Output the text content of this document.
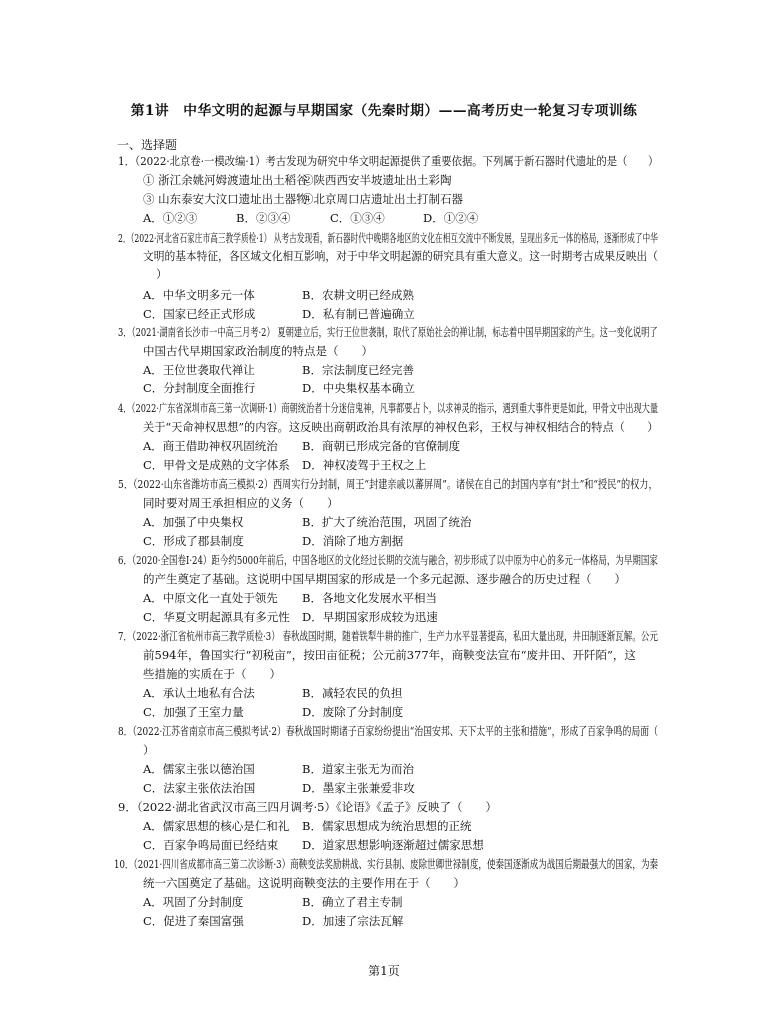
第1讲　中华文明的起源与早期国家（先秦时期）——高考历史一轮复习专项训练
一、选择题
1．（2022·北京卷·一模改编·1）考古发现为研究中华文明起源提供了重要依据。下列属于新石器时代遗址的是（　　）
① 浙江余姚河姆渡遗址出土稻谷
②陕西西安半坡遗址出土彩陶
③ 山东泰安大汶口遗址出土器物
④北京周口店遗址出土打制石器
A．①②③	B．②③④	C．①③④	D．①②④
2．（2022·河北省石家庄市高三教学质检·1） 从考古发现看，新石器时代中晚期各地区的文化在相互交流中不断发展，呈现出多元一体的格局，逐渐形成了中华
文明的基本特征，各区域文化相互影响，对于中华文明起源的研究具有重大意义。这一时期考古成果反映出（
）
A．中华文明多元一体	B．农耕文明已经成熟
C．国家已经正式形成	D．私有制已普遍确立
3．（2021·湖南省长沙市一中高三月考·2） 夏朝建立后，实行王位世袭制，取代了原始社会的禅让制，标志着中国早期国家的产生。这一变化说明了
中国古代早期国家政治制度的特点是（　　）
A．王位世袭取代禅让	B．宗法制度已经完善
C．分封制度全面推行	D．中央集权基本确立
4．（2022·广东省深圳市高三第一次调研·1）商朝统治者十分迷信鬼神，凡事都要占卜，以求神灵的指示，遇到重大事件更是如此，甲骨文中出现大量
关于“天命神权思想”的内容。这反映出商朝政治具有浓厚的神权色彩，王权与神权相结合的特点（　　）
A．商王借助神权巩固统治 B．商朝已形成完备的官僚制度
C．甲骨文是成熟的文字体系 D．神权凌驾于王权之上
5．（2022·山东省潍坊市高三模拟·2）西周实行分封制，周王“封建亲戚以蕃屏周”。诸侯在自己的封国内享有“封土”和“授民”的权力，
同时要对周王承担相应的义务（　　）
A．加强了中央集权	B．扩大了统治范围，巩固了统治
C．形成了郡县制度	D．消除了地方割据
6．（2020·全国卷Ⅰ·24）距今约5000年前后，中国各地区的文化经过长期的交流与融合，初步形成了以中原为中心的多元一体格局，为早期国家
的产生奠定了基础。这说明中国早期国家的形成是一个多元起源、逐步融合的历史过程（　　）
A．中原文化一直处于领先 B．各地文化发展水平相当
C．华夏文明起源具有多元性 D．早期国家形成较为迅速
7．（2022·浙江省杭州市高三教学质检·3） 春秋战国时期，随着铁犁牛耕的推广，生产力水平显著提高，私田大量出现，井田制逐渐瓦解。公元
前594年，鲁国实行“初税亩”，按田亩征税；公元前377年，商鞅变法宣布“废井田、开阡陌”，这
些措施的实质在于（　　）
A．承认土地私有合法	B．减轻农民的负担
C．加强了王室力量	D．废除了分封制度
8．（2022·江苏省南京市高三模拟考试·2）春秋战国时期诸子百家纷纷提出“治国安邦、天下太平的主张和措施”，形成了百家争鸣的局面（
）
A．儒家主张以德治国	B．道家主张无为而治
C．法家主张依法治国	D．墨家主张兼爱非攻
9．（2022·湖北省武汉市高三四月调考·5）《论语》《孟子》反映了（　　）
A．儒家思想的核心是仁和礼 B．儒家思想成为统治思想的正统
C．百家争鸣局面已经结束 D．道家思想影响逐渐超过儒家思想
10．（2021·四川省成都市高三第二次诊断·3）商鞅变法奖励耕战、实行县制、废除世卿世禄制度，使秦国逐渐成为战国后期最强大的国家，为秦
统一六国奠定了基础。这说明商鞅变法的主要作用在于（　　）
A．巩固了分封制度	B．确立了君主专制
C．促进了秦国富强	D．加速了宗法瓦解
第1页
